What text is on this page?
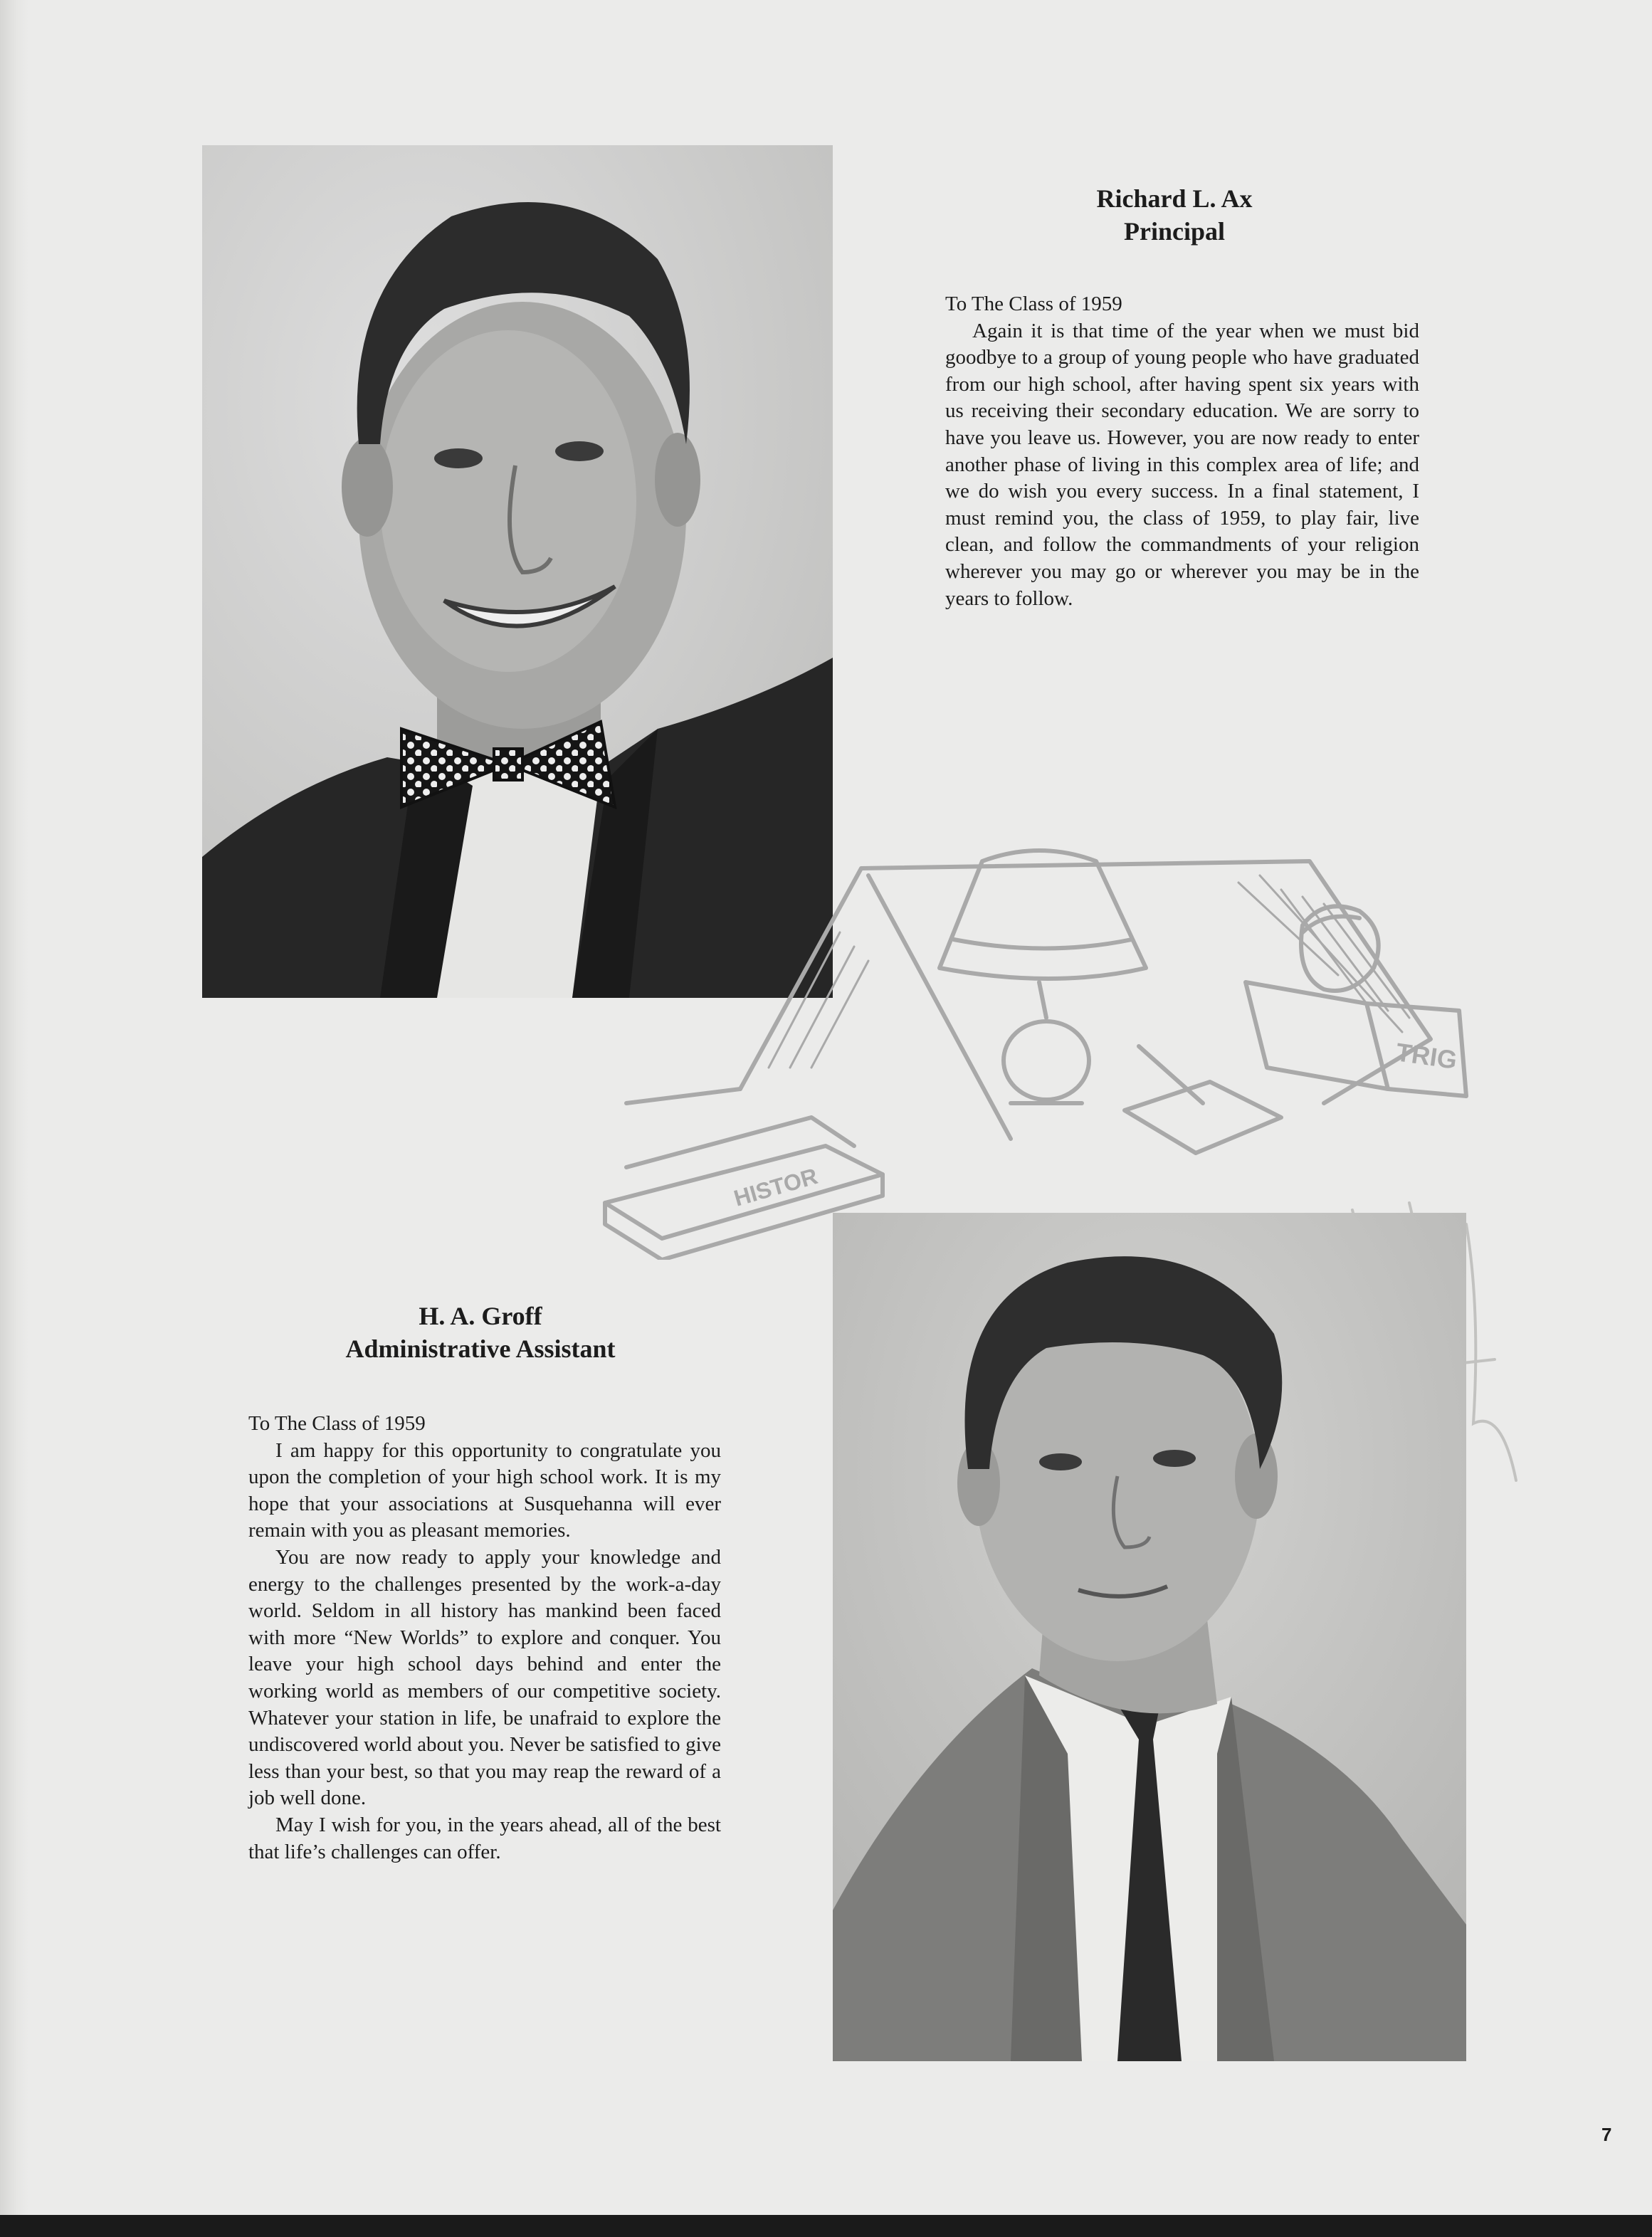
Richard L. Ax
Principal

To The Class of 1959

Again it is that time of the year when we must bid goodbye to a group of young people who have graduated from our high school, after having spent six years with us receiving their secondary education. We are sorry to have you leave us. However, you are now ready to enter another phase of living in this complex area of life; and we do wish you every success. In a final statement, I must remind you, the class of 1959, to play fair, live clean, and follow the commandments of your religion wherever you may go or wherever you may be in the years to follow.

HISTOR
TRIG
H. A. Groff
Administrative Assistant

To The Class of 1959

I am happy for this opportunity to congratulate you upon the completion of your high school work. It is my hope that your associations at Susquehanna will ever remain with you as pleasant memories.

You are now ready to apply your knowledge and energy to the challenges presented by the work-a-day world. Seldom in all history has mankind been faced with more “New Worlds” to explore and conquer. You leave your high school days behind and enter the working world as members of our competitive society. Whatever your station in life, be unafraid to explore the undiscovered world about you. Never be satisfied to give less than your best, so that you may reap the reward of a job well done.

May I wish for you, in the years ahead, all of the best that life’s challenges can offer.

7
